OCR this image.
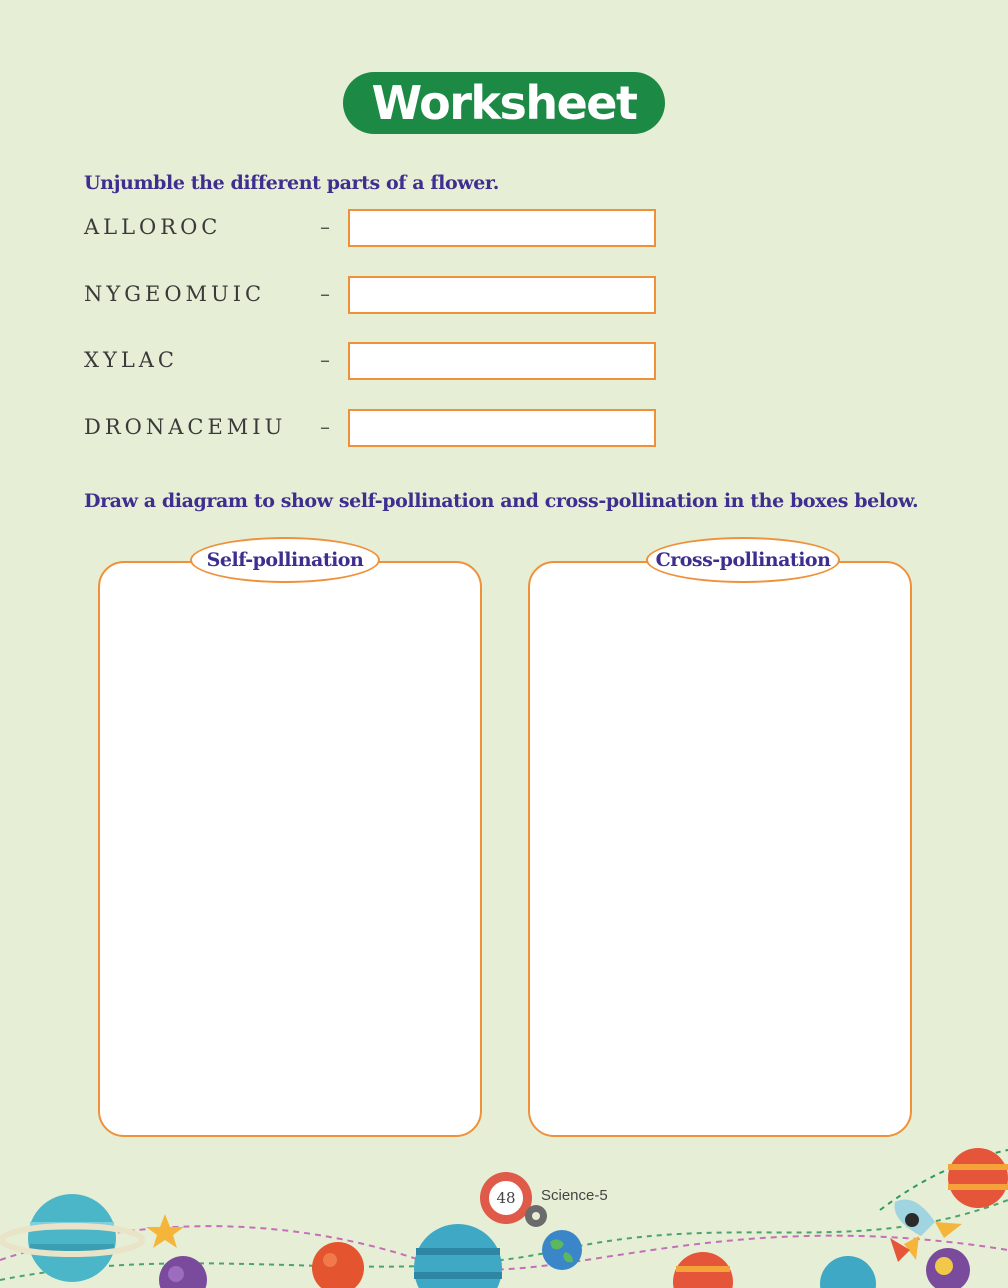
Worksheet
Unjumble the different parts of a flower.
ALLOROC	–
NYGEOMUIC	–
XYLAC	–
DRONACEMIU –
Draw a diagram to show self-pollination and cross-pollination in the boxes below.
Self-pollination	Cross-pollination
48 Science-5
